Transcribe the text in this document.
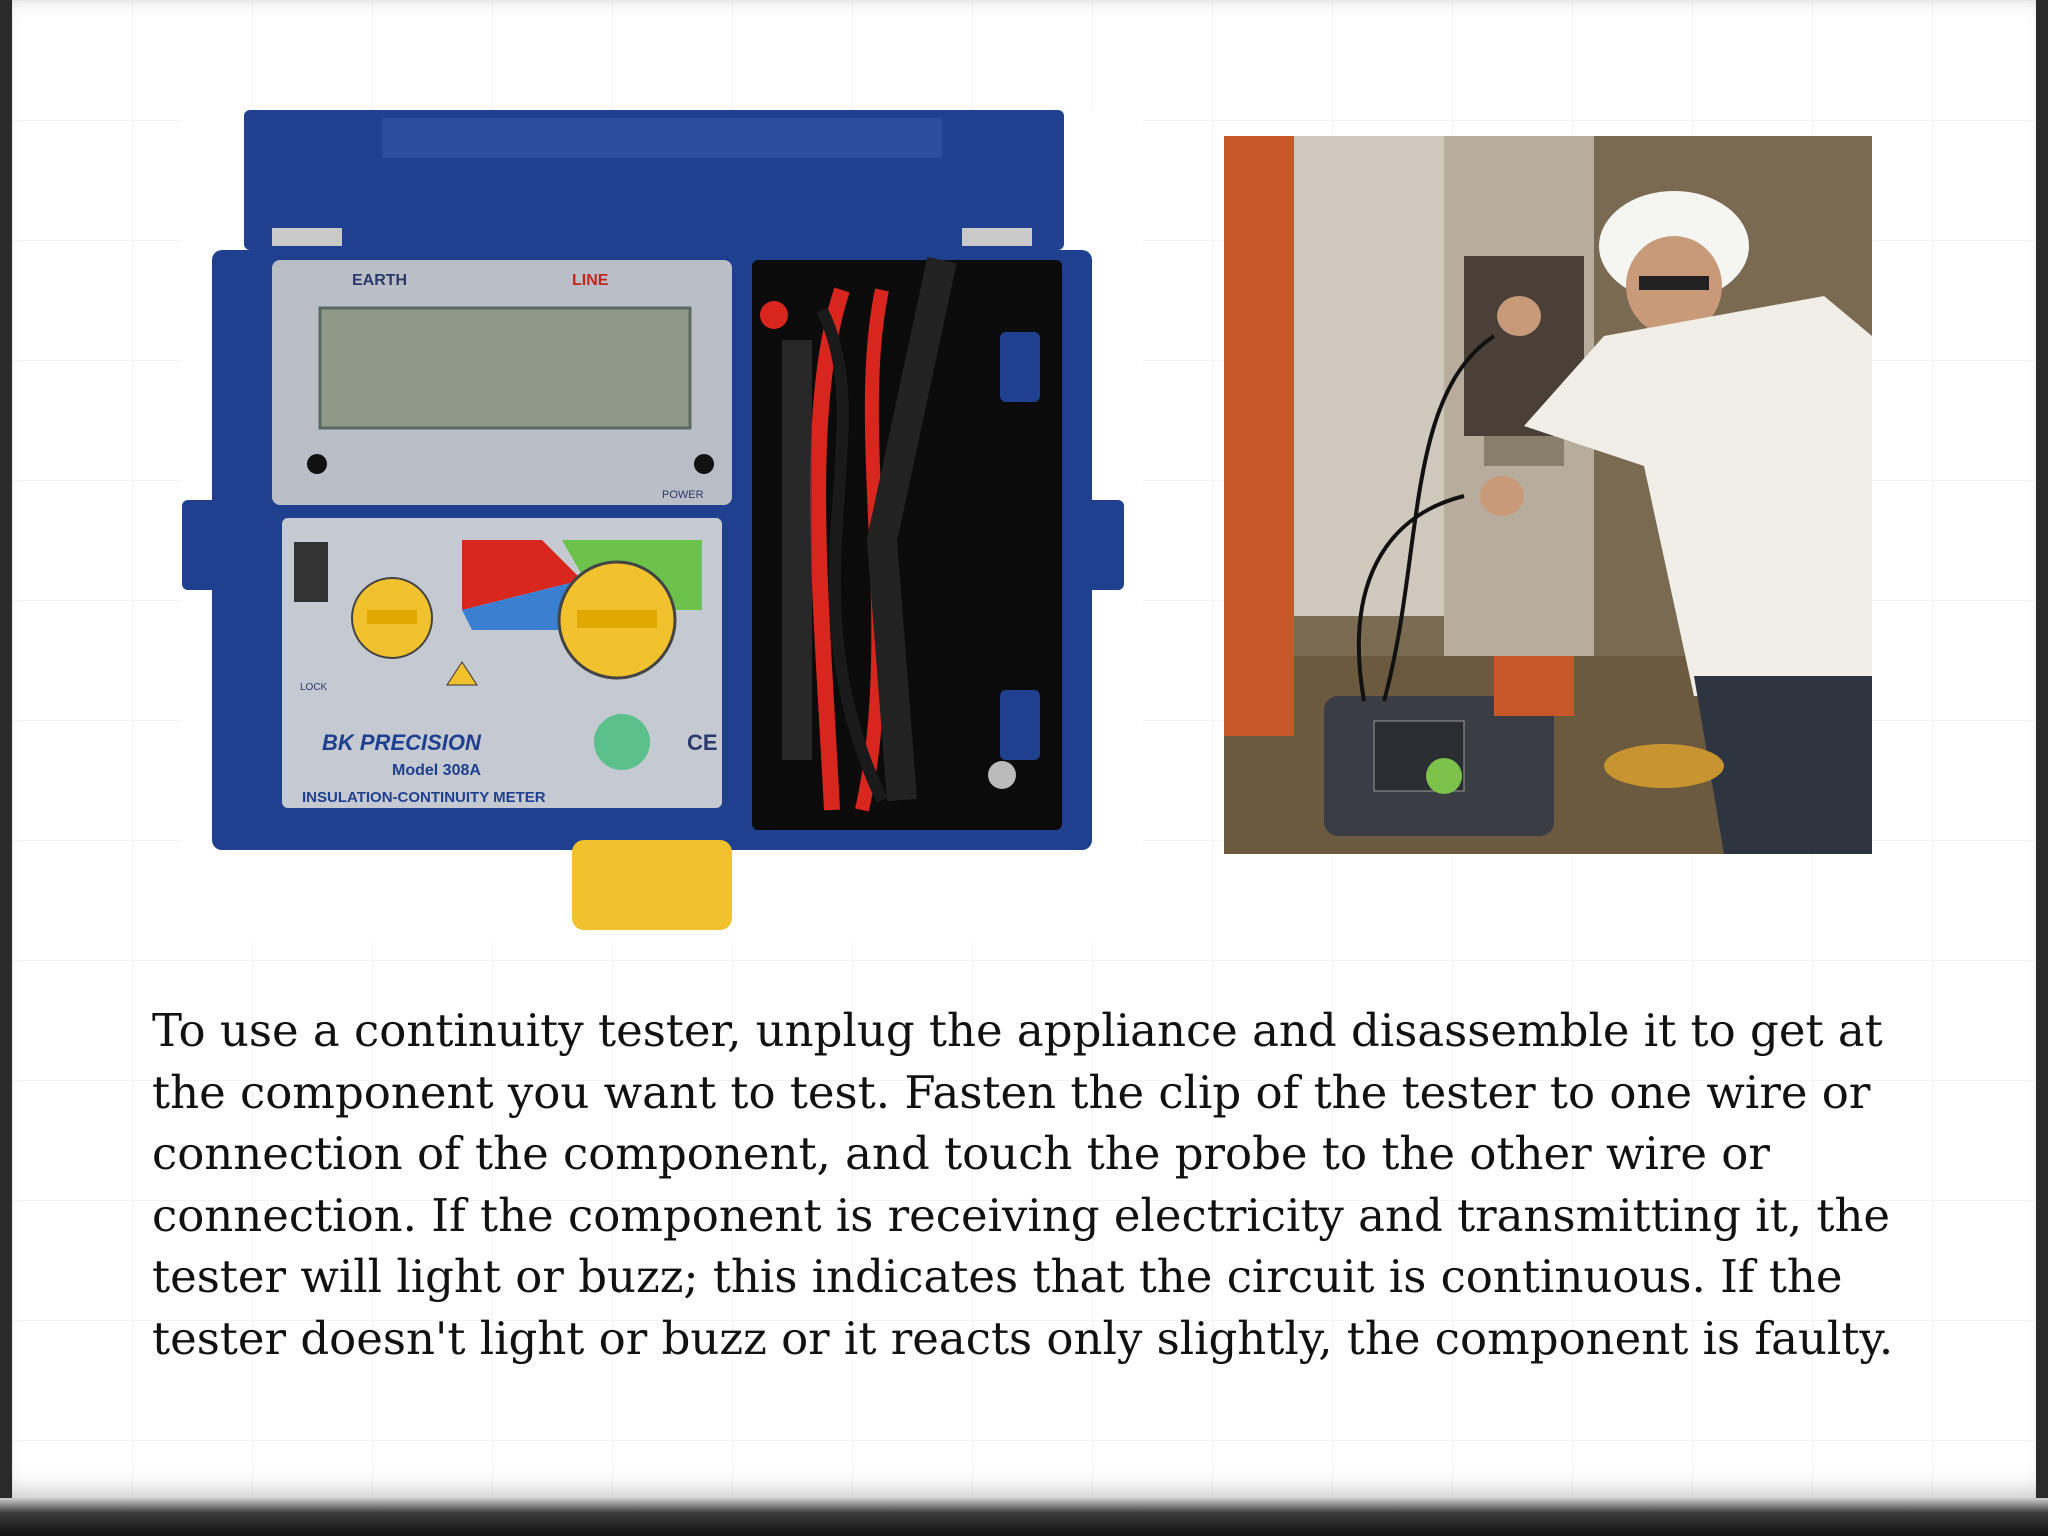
EARTH	LINE
POWER
LOCK
CE
BK PRECISION
Model 308A
INSULATION-CONTINUITY METER

To use a continuity tester, unplug the appliance and disassemble it to get at the component you want to test. Fasten the clip of the tester to one wire or connection of the component, and touch the probe to the other wire or connection. If the component is receiving electricity and transmitting it, the tester will light or buzz; this indicates that the circuit is continuous. If the tester doesn't light or buzz or it reacts only slightly, the component is faulty.
